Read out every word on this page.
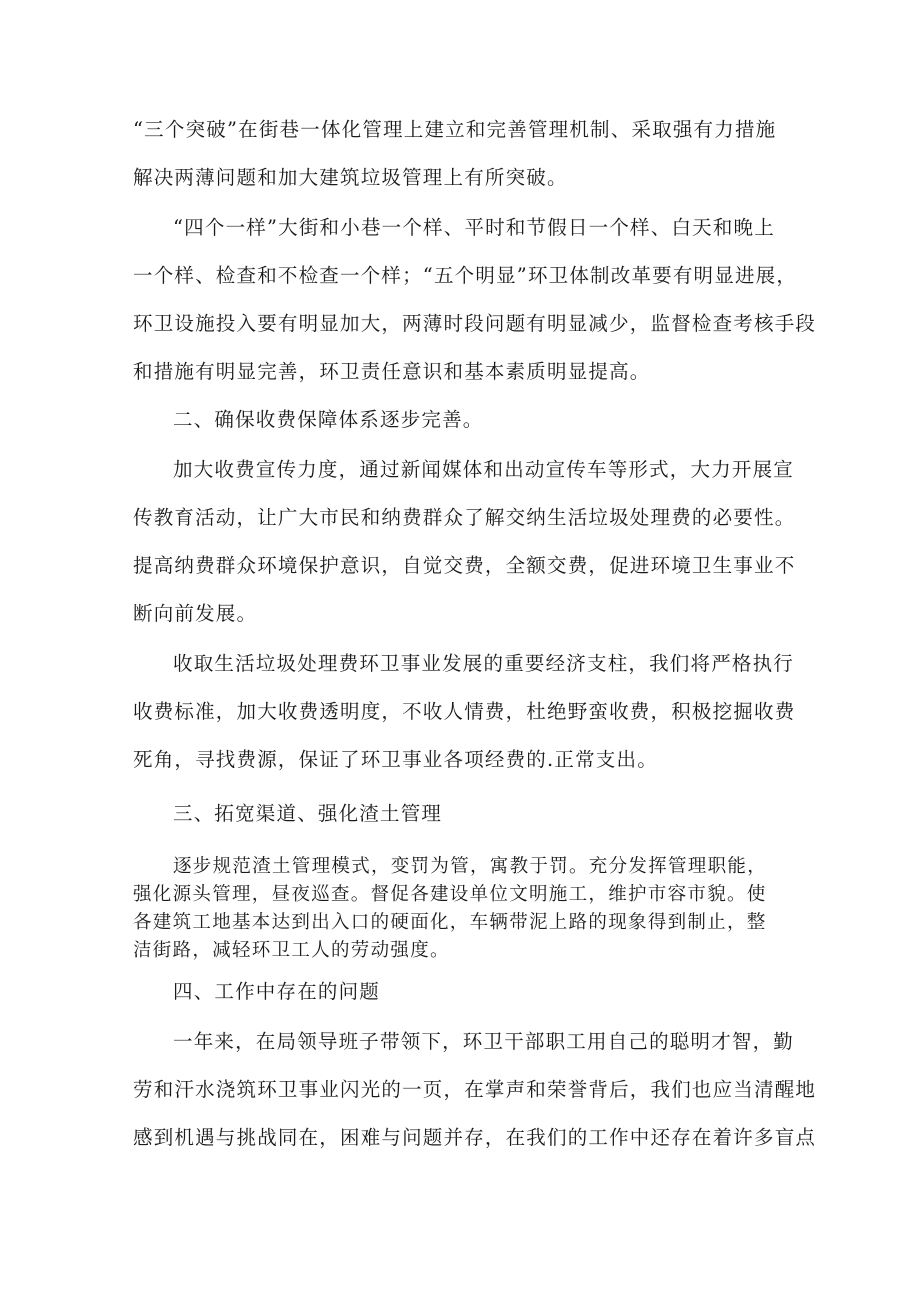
“三个突破”在街巷一体化管理上建立和完善管理机制、采取强有力措施
解决两薄问题和加大建筑垃圾管理上有所突破。
“四个一样”大街和小巷一个样、平时和节假日一个样、白天和晚上
一个样、检查和不检查一个样；“五个明显”环卫体制改革要有明显进展，
环卫设施投入要有明显加大，两薄时段问题有明显减少，监督检查考核手段
和措施有明显完善，环卫责任意识和基本素质明显提高。
二、确保收费保障体系逐步完善。
加大收费宣传力度，通过新闻媒体和出动宣传车等形式，大力开展宣
传教育活动，让广大市民和纳费群众了解交纳生活垃圾处理费的必要性。
提高纳费群众环境保护意识，自觉交费，全额交费，促进环境卫生事业不
断向前发展。
收取生活垃圾处理费环卫事业发展的重要经济支柱，我们将严格执行
收费标准，加大收费透明度，不收人情费，杜绝野蛮收费，积极挖掘收费
死角，寻找费源，保证了环卫事业各项经费的.正常支出。
三、拓宽渠道、强化渣土管理
逐步规范渣土管理模式，变罚为管，寓教于罚。充分发挥管理职能，
强化源头管理，昼夜巡查。督促各建设单位文明施工，维护市容市貌。使
各建筑工地基本达到出入口的硬面化，车辆带泥上路的现象得到制止，整
洁街路，减轻环卫工人的劳动强度。
四、工作中存在的问题
一年来，在局领导班子带领下，环卫干部职工用自己的聪明才智，勤
劳和汗水浇筑环卫事业闪光的一页，在掌声和荣誉背后，我们也应当清醒地
感到机遇与挑战同在，困难与问题并存，在我们的工作中还存在着许多盲点
